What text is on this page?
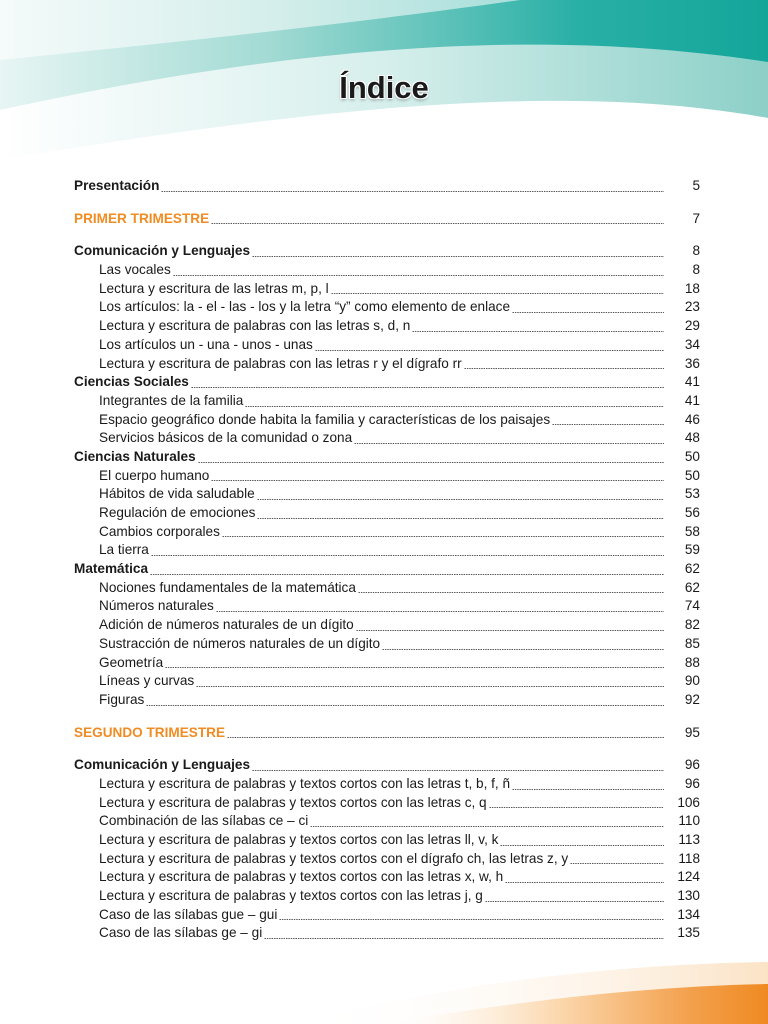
Índice
Presentación	5
PRIMER TRIMESTRE	7
Comunicación y Lenguajes	8
Las vocales	8
Lectura y escritura de las letras m, p, l	18
Los artículos: la - el - las - los y la letra “y” como elemento de enlace	23
Lectura y escritura de palabras con las letras s, d, n	29
Los artículos un - una - unos - unas	34
Lectura y escritura de palabras con las letras r y el dígrafo rr	36
Ciencias Sociales	41
Integrantes de la familia	41
Espacio geográfico donde habita la familia y características de los paisajes	46
Servicios básicos de la comunidad o zona	48
Ciencias Naturales	50
El cuerpo humano	50
Hábitos de vida saludable	53
Regulación de emociones	56
Cambios corporales	58
La tierra	59
Matemática	62
Nociones fundamentales de la matemática	62
Números naturales	74
Adición de números naturales de un dígito	82
Sustracción de números naturales de un dígito	85
Geometría	88
Líneas y curvas	90
Figuras	92
SEGUNDO TRIMESTRE	95
Comunicación y Lenguajes	96
Lectura y escritura de palabras y textos cortos con las letras t, b, f, ñ	96
Lectura y escritura de palabras y textos cortos con las letras c, q	106
Combinación de las sílabas ce – ci	110
Lectura y escritura de palabras y textos cortos con las letras ll, v, k	113
Lectura y escritura de palabras y textos cortos con el dígrafo ch, las letras z, y	118
Lectura y escritura de palabras y textos cortos con las letras x, w, h	124
Lectura y escritura de palabras y textos cortos con las letras j, g	130
Caso de las sílabas gue – gui	134
Caso de las sílabas ge – gi	135
